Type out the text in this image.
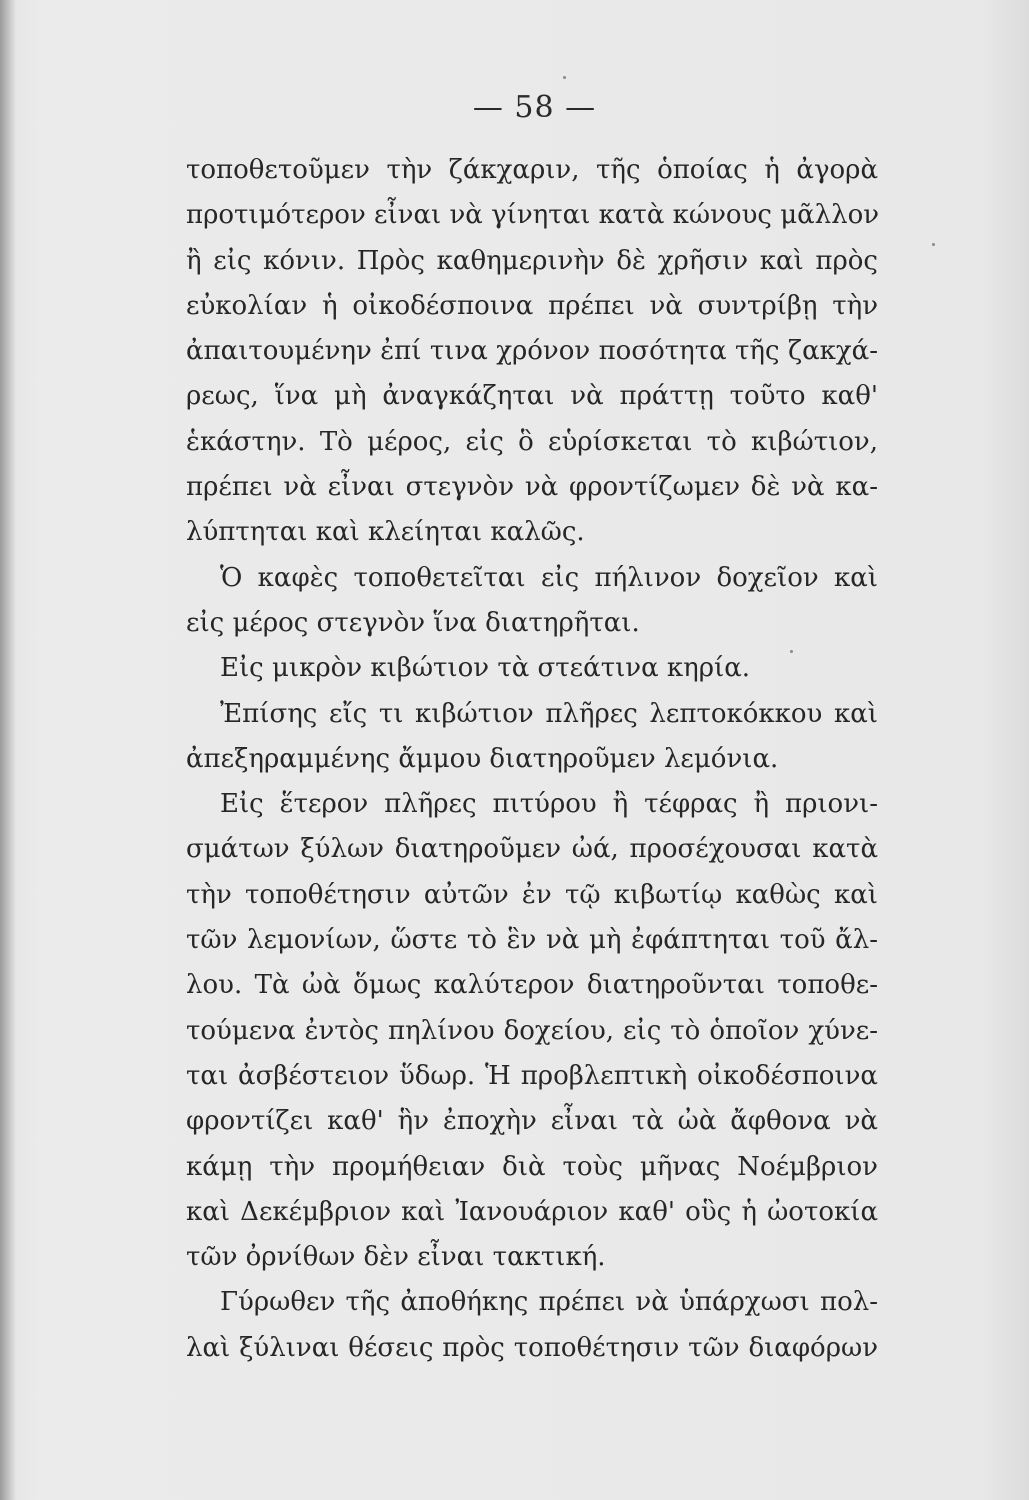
— 58 —
τοποθετοῦμεν τὴν ζάκχαριν, τῆς ὁποίας ἡ ἀγορὰ
προτιμότερον εἶναι νὰ γίνηται κατὰ κώνους μᾶλλον
ἢ εἰς κόνιν. Πρὸς καθημερινὴν δὲ χρῆσιν καὶ πρὸς
εὐκολίαν ἡ οἰκοδέσποινα πρέπει νὰ συντρίβῃ τὴν
ἀπαιτουμένην ἐπί τινα χρόνον ποσότητα τῆς ζακχά-
ρεως, ἵνα μὴ ἀναγκάζηται νὰ πράττῃ τοῦτο καθ'
ἑκάστην. Τὸ μέρος, εἰς ὃ εὑρίσκεται τὸ κιβώτιον,
πρέπει νὰ εἶναι στεγνὸν νὰ φροντίζωμεν δὲ νὰ κα-
λύπτηται καὶ κλείηται καλῶς.
Ὁ καφὲς τοποθετεῖται εἰς πήλινον δοχεῖον καὶ
εἰς μέρος στεγνὸν ἵνα διατηρῆται.
Εἰς μικρὸν κιβώτιον τὰ στεάτινα κηρία.
Ἐπίσης εἴς τι κιβώτιον πλῆρες λεπτοκόκκου καὶ
ἀπεξηραμμένης ἄμμου διατηροῦμεν λεμόνια.
Εἰς ἕτερον πλῆρες πιτύρου ἢ τέφρας ἢ πριονι-
σμάτων ξύλων διατηροῦμεν ὠά, προσέχουσαι κατὰ
τὴν τοποθέτησιν αὐτῶν ἐν τῷ κιβωτίῳ καθὼς καὶ
τῶν λεμονίων, ὥστε τὸ ἓν νὰ μὴ ἐφάπτηται τοῦ ἄλ-
λου. Τὰ ὠὰ ὅμως καλύτερον διατηροῦνται τοποθε-
τούμενα ἐντὸς πηλίνου δοχείου, εἰς τὸ ὁποῖον χύνε-
ται ἀσβέστειον ὕδωρ. Ἡ προβλεπτικὴ οἰκοδέσποινα
φροντίζει καθ' ἣν ἐποχὴν εἶναι τὰ ὠὰ ἄφθονα νὰ
κάμῃ τὴν προμήθειαν διὰ τοὺς μῆνας Νοέμβριον
καὶ Δεκέμβριον καὶ Ἰανουάριον καθ' οὓς ἡ ὠοτοκία
τῶν ὀρνίθων δὲν εἶναι τακτική.
Γύρωθεν τῆς ἀποθήκης πρέπει νὰ ὑπάρχωσι πολ-
λαὶ ξύλιναι θέσεις πρὸς τοποθέτησιν τῶν διαφόρων
